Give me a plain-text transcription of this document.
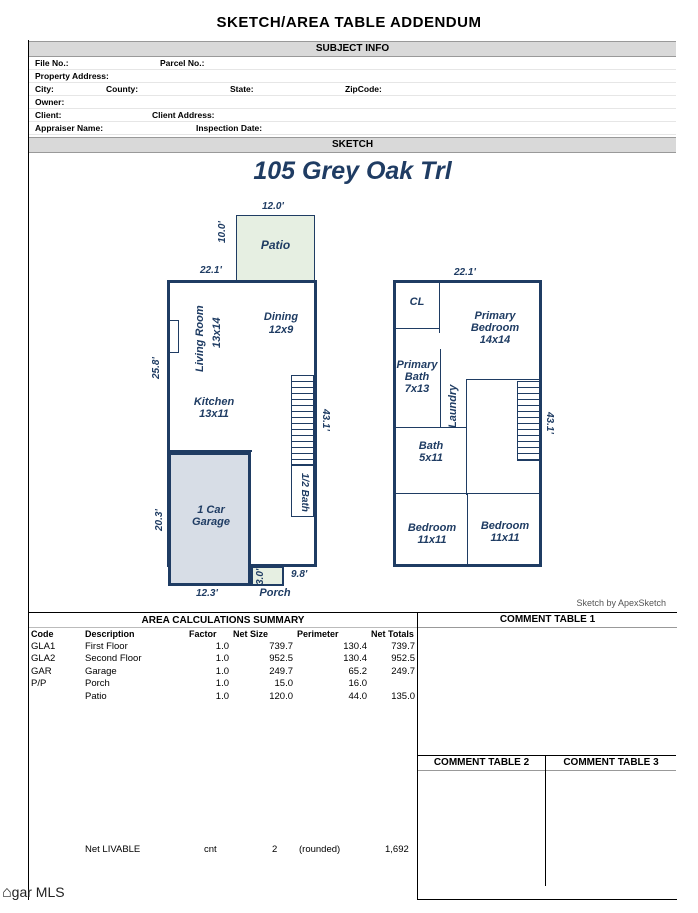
SKETCH/AREA TABLE ADDENDUM
SUBJECT INFO
File No.:	Parcel No.:
Property Address:
City:	County:	State:	ZipCode:
Owner:
Client:	Client Address:
Appraiser Name:	Inspection Date:
SKETCH
105 Grey Oak Trl
Patio
12.0'
10.0'
22.1'
Living Room 13x14
Dining
12x9
Kitchen
13x11
1 Car
Garage
1/2 Bath
Porch
25.8'
43.1'
20.3'
12.3'
3.0'	9.8'
22.1'
43.1'
CL
Primary
Bedroom
14x14
Primary
Bath
7x13	Laundry
Bath
5x11
Bedroom
11x11
Bedroom
11x11
Sketch by ApexSketch
AREA CALCULATIONS SUMMARY
Code	Description	Factor	Net Size	Perimeter	Net Totals
GLA1	First Floor	1.0	739.7	130.4	739.7
GLA2	Second Floor	1.0	952.5	130.4	952.5
GAR	Garage	1.0	249.7	65.2	249.7
P/P	Porch	1.0	15.0	16.0	
	Patio	1.0	120.0	44.0	135.0
Net LIVABLE	cnt	2 (rounded)	1,692
COMMENT TABLE 1
COMMENT TABLE 2	COMMENT TABLE 3
⌂gar MLS
